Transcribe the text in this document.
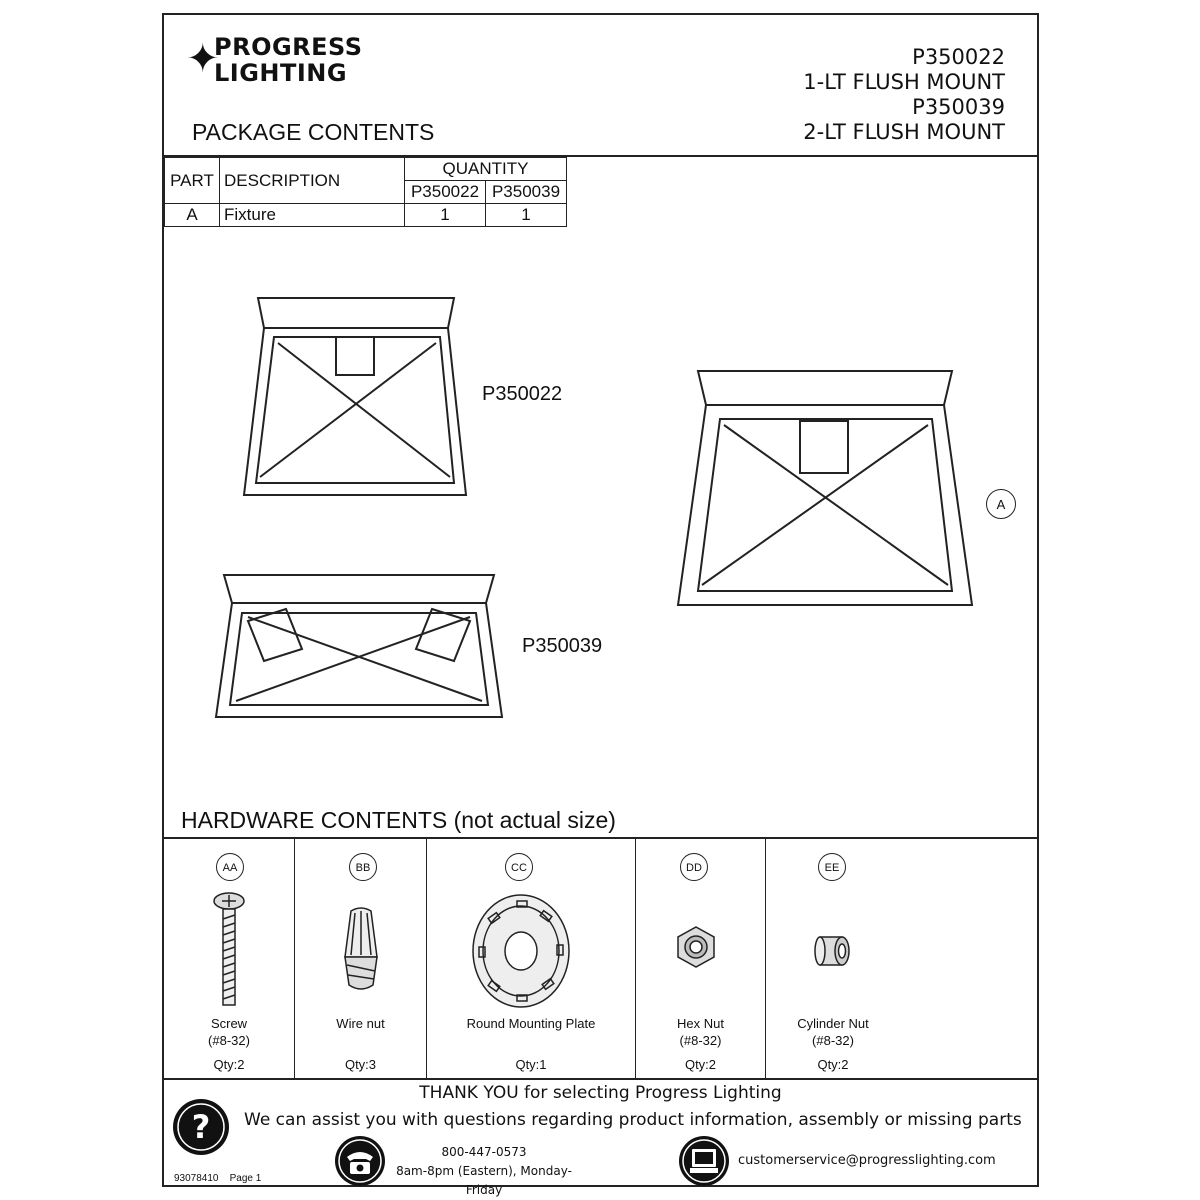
✦
PROGRESS
LIGHTING
PACKAGE CONTENTS
P350022
1-LT FLUSH MOUNT
P350039
2-LT FLUSH MOUNT
PART	DESCRIPTION	QUANTITY	
		P350022	P350039
A	Fixture	1	1
P350022
P350039
A
HARDWARE CONTENTS (not actual size)
AA
Screw
(#8-32)
Qty:2
BB
Wire nut
Qty:3
CC
Round Mounting Plate
Qty:1
DD
Hex Nut
(#8-32)
Qty:2
EE
Cylinder Nut
(#8-32)
Qty:2
THANK YOU for selecting Progress Lighting
? We can assist you with questions regarding product information, assembly or missing parts
800-447-0573
8am-8pm (Eastern), Monday-Friday
customerservice@progresslighting.com
93078410 Page 1
